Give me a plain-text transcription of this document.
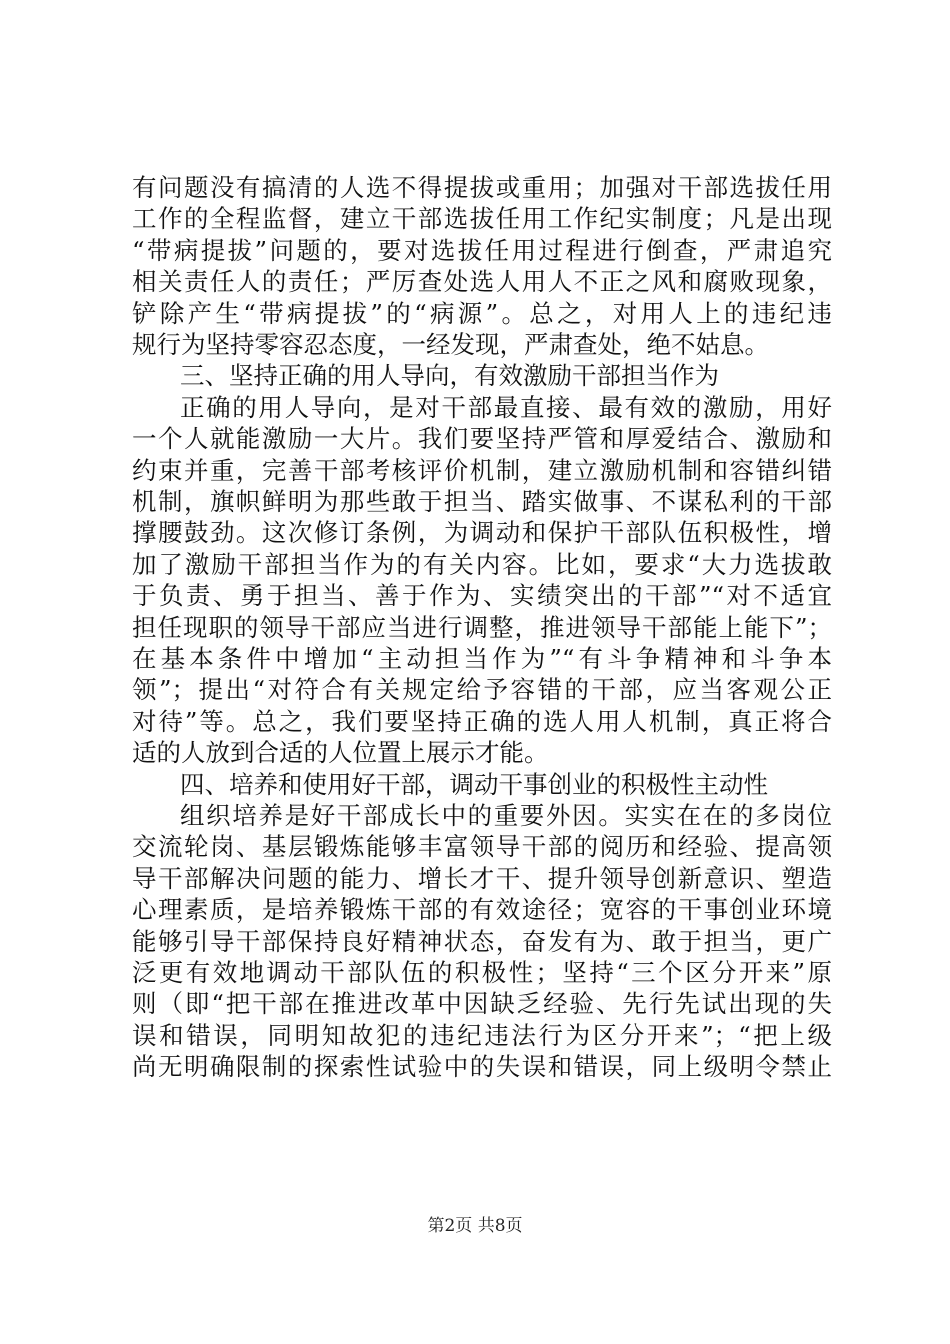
有问题没有搞清的人选不得提拔或重用；加强对干部选拔任用
工作的全程监督，建立干部选拔任用工作纪实制度；凡是出现
“带病提拔”问题的，要对选拔任用过程进行倒查，严肃追究
相关责任人的责任；严厉查处选人用人不正之风和腐败现象，
铲除产生“带病提拔”的“病源”。总之，对用人上的违纪违
规行为坚持零容忍态度，一经发现，严肃查处，绝不姑息。
三、坚持正确的用人导向，有效激励干部担当作为
正确的用人导向，是对干部最直接、最有效的激励，用好
一个人就能激励一大片。我们要坚持严管和厚爱结合、激励和
约束并重，完善干部考核评价机制，建立激励机制和容错纠错
机制，旗帜鲜明为那些敢于担当、踏实做事、不谋私利的干部
撑腰鼓劲。这次修订条例，为调动和保护干部队伍积极性，增
加了激励干部担当作为的有关内容。比如，要求“大力选拔敢
于负责、勇于担当、善于作为、实绩突出的干部”“对不适宜
担任现职的领导干部应当进行调整，推进领导干部能上能下”；
在基本条件中增加“主动担当作为”“有斗争精神和斗争本
领”；提出“对符合有关规定给予容错的干部，应当客观公正
对待”等。总之，我们要坚持正确的选人用人机制，真正将合
适的人放到合适的人位置上展示才能。
四、培养和使用好干部，调动干事创业的积极性主动性
组织培养是好干部成长中的重要外因。实实在在的多岗位
交流轮岗、基层锻炼能够丰富领导干部的阅历和经验、提高领
导干部解决问题的能力、增长才干、提升领导创新意识、塑造
心理素质，是培养锻炼干部的有效途径；宽容的干事创业环境
能够引导干部保持良好精神状态，奋发有为、敢于担当，更广
泛更有效地调动干部队伍的积极性；坚持“三个区分开来”原
则（即“把干部在推进改革中因缺乏经验、先行先试出现的失
误和错误，同明知故犯的违纪违法行为区分开来”；“把上级
尚无明确限制的探索性试验中的失误和错误，同上级明令禁止
第2页 共8页
